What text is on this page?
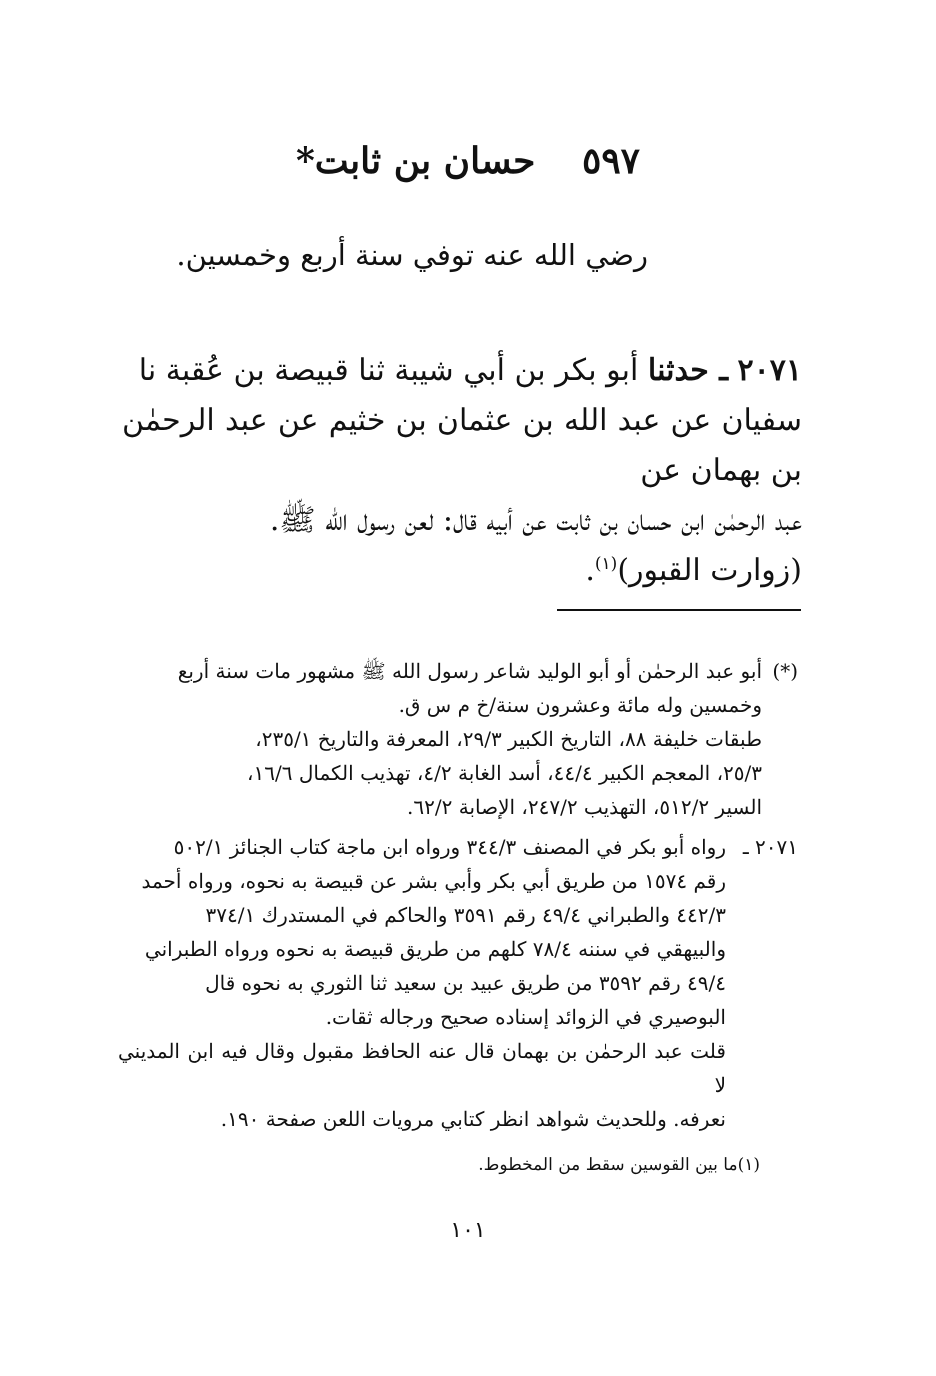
٥٩٧ حسان بن ثابت*
رضي الله عنه توفي سنة أربع وخمسين.

٢٠٧١ ـ حدثنا أبو بكر بن أبي شيبة ثنا قبيصة بن عُقبة نا

سفيان عن عبد الله بن عثمان بن خثيم عن عبد الرحمٰن بن بهمان عن

عبد الرحمٰن ابن حسان بن ثابت عن أبيه قال: لعن رسول الله ﷺ.

(زوارت القبور)$^{(١)}$.

(*)
أبو عبد الرحمٰن أو أبو الوليد شاعر رسول الله ﷺ مشهور مات سنة أربع
وخمسين وله مائة وعشرون سنة/خ م س ق.
طبقات خليفة ٨٨، التاريخ الكبير ٢٩/٣، المعرفة والتاريخ ٢٣٥/١،
٢٥/٣، المعجم الكبير ٤٤/٤، أسد الغابة ٤/٢، تهذيب الكمال ١٦/٦،
السير ٥١٢/٢، التهذيب ٢٤٧/٢، الإصابة ٦٢/٢.
٢٠٧١ ـ
رواه أبو بكر في المصنف ٣٤٤/٣ ورواه ابن ماجة كتاب الجنائز ٥٠٢/١
رقم ١٥٧٤ من طريق أبي بكر وأبي بشر عن قبيصة به نحوه، ورواه أحمد
٤٤٢/٣ والطبراني ٤٩/٤ رقم ٣٥٩١ والحاكم في المستدرك ٣٧٤/١
والبيهقي في سننه ٧٨/٤ كلهم من طريق قبيصة به نحوه ورواه الطبراني
٤٩/٤ رقم ٣٥٩٢ من طريق عبيد بن سعيد ثنا الثوري به نحوه قال
البوصيري في الزوائد إسناده صحيح ورجاله ثقات.
قلت عبد الرحمٰن بن بهمان قال عنه الحافظ مقبول وقال فيه ابن المديني لا
نعرفه. وللحديث شواهد انظر كتابي مرويات اللعن صفحة ١٩٠.
(١)ما بين القوسين سقط من المخطوط.
١٠١
